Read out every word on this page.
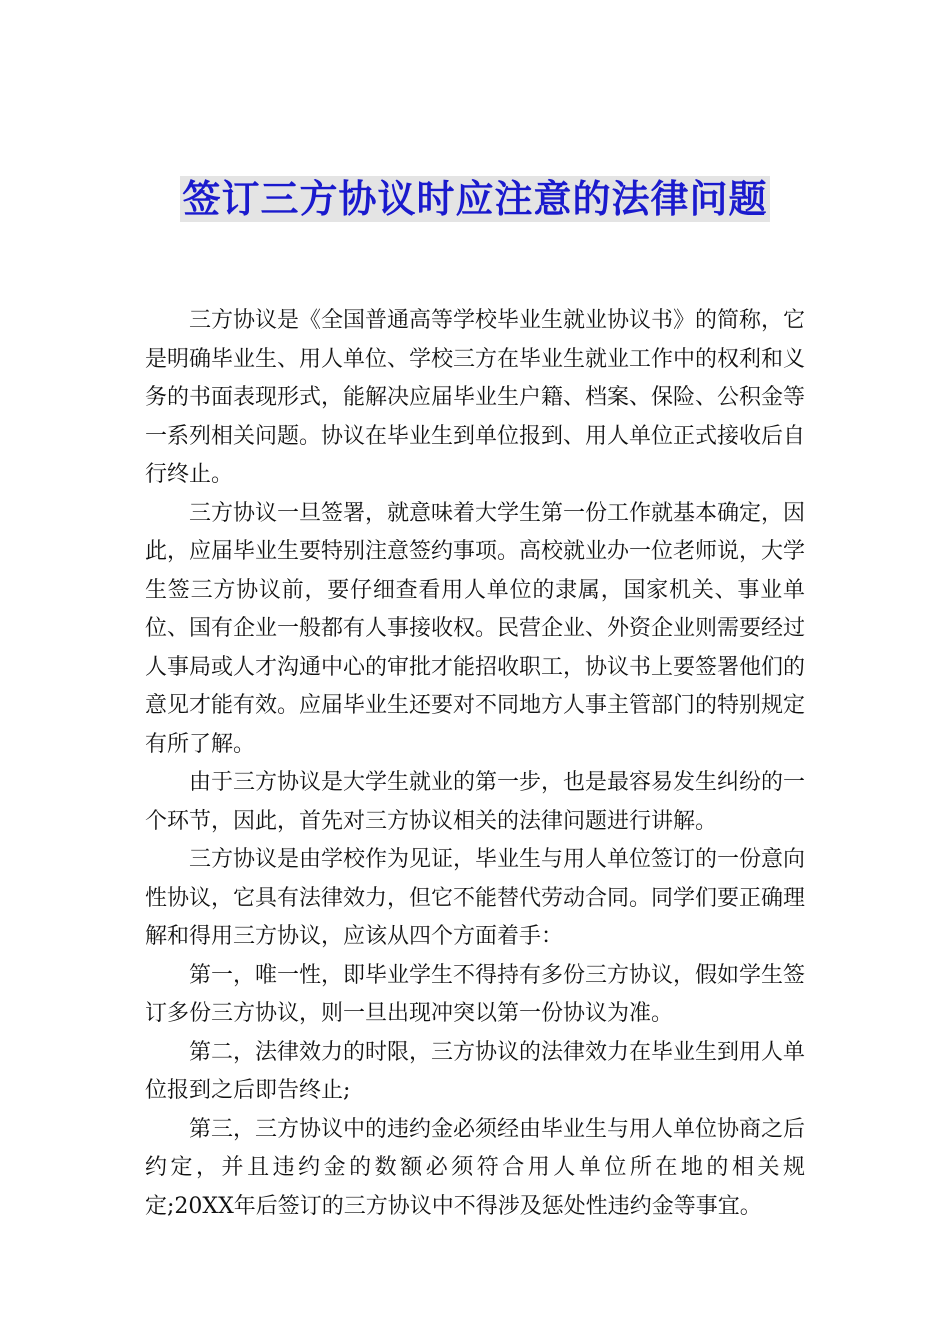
签订三方协议时应注意的法律问题

三方协议是《全国普通高等学校毕业生就业协议书》的简称，它是明确毕业生、用人单位、学校三方在毕业生就业工作中的权利和义务的书面表现形式，能解决应届毕业生户籍、档案、保险、公积金等一系列相关问题。协议在毕业生到单位报到、用人单位正式接收后自行终止。

三方协议一旦签署，就意味着大学生第一份工作就基本确定，因此，应届毕业生要特别注意签约事项。高校就业办一位老师说，大学生签三方协议前，要仔细查看用人单位的隶属，国家机关、事业单位、国有企业一般都有人事接收权。民营企业、外资企业则需要经过人事局或人才沟通中心的审批才能招收职工，协议书上要签署他们的意见才能有效。应届毕业生还要对不同地方人事主管部门的特别规定有所了解。

由于三方协议是大学生就业的第一步，也是最容易发生纠纷的一个环节，因此，首先对三方协议相关的法律问题进行讲解。

三方协议是由学校作为见证，毕业生与用人单位签订的一份意向性协议，它具有法律效力，但它不能替代劳动合同。同学们要正确理解和得用三方协议，应该从四个方面着手：

第一，唯一性，即毕业学生不得持有多份三方协议，假如学生签订多份三方协议，则一旦出现冲突以第一份协议为准。

第二，法律效力的时限，三方协议的法律效力在毕业生到用人单位报到之后即告终止;

第三，三方协议中的违约金必须经由毕业生与用人单位协商之后约定，并且违约金的数额必须符合用人单位所在地的相关规定;20XX年后签订的三方协议中不得涉及惩处性违约金等事宜。
